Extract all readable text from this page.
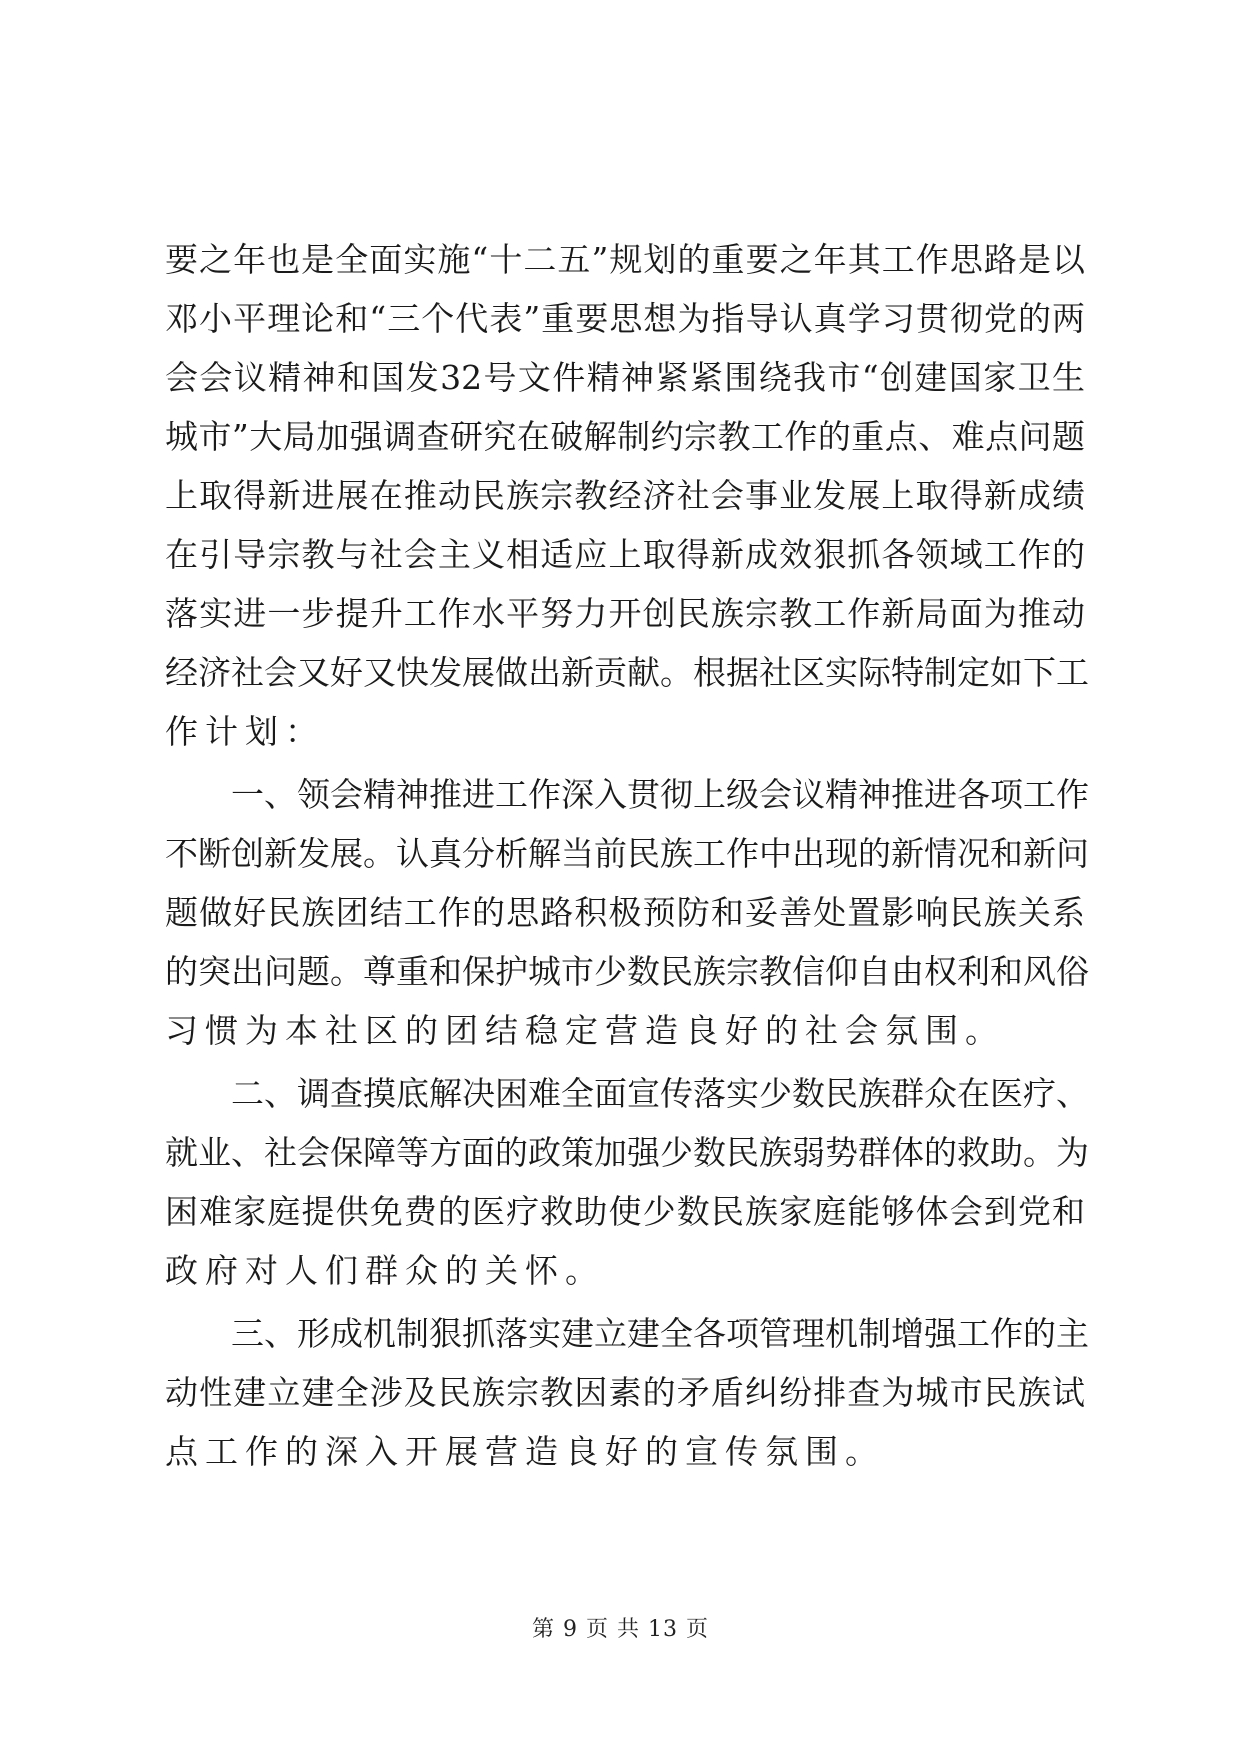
要之年也是全面实施“十二五”规划的重要之年其工作思路是以
邓小平理论和“三个代表”重要思想为指导认真学习贯彻党的两
会会议精神和国发32号文件精神紧紧围绕我市“创建国家卫生
城市”大局加强调查研究在破解制约宗教工作的重点、难点问题
上取得新进展在推动民族宗教经济社会事业发展上取得新成绩
在引导宗教与社会主义相适应上取得新成效狠抓各领域工作的
落实进一步提升工作水平努力开创民族宗教工作新局面为推动
经济社会又好又快发展做出新贡献。根据社区实际特制定如下工
作计划：
一、领会精神推进工作深入贯彻上级会议精神推进各项工作
不断创新发展。认真分析解当前民族工作中出现的新情况和新问
题做好民族团结工作的思路积极预防和妥善处置影响民族关系
的突出问题。尊重和保护城市少数民族宗教信仰自由权利和风俗
习惯为本社区的团结稳定营造良好的社会氛围。
二、调查摸底解决困难全面宣传落实少数民族群众在医疗、
就业、社会保障等方面的政策加强少数民族弱势群体的救助。为
困难家庭提供免费的医疗救助使少数民族家庭能够体会到党和
政府对人们群众的关怀。
三、形成机制狠抓落实建立建全各项管理机制增强工作的主
动性建立建全涉及民族宗教因素的矛盾纠纷排查为城市民族试
点工作的深入开展营造良好的宣传氛围。
第 9 页 共 13 页
